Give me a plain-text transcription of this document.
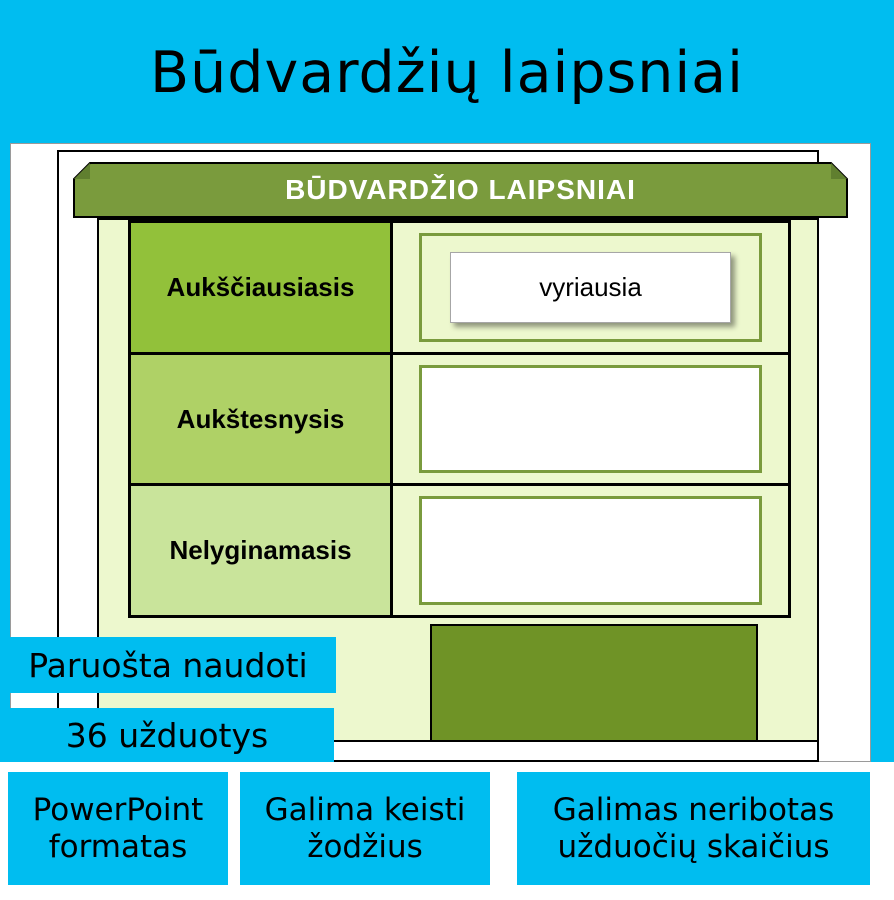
Būdvardžių laipsniai
BŪDVARDŽIO LAIPSNIAI
Aukščiausiasis	vyriausia
Aukštesnysis
Nelyginamasis
Paruošta naudoti
36 užduotys
PowerPoint
formatas
Galima keisti
žodžius
Galimas neribotas
užduočių skaičius
